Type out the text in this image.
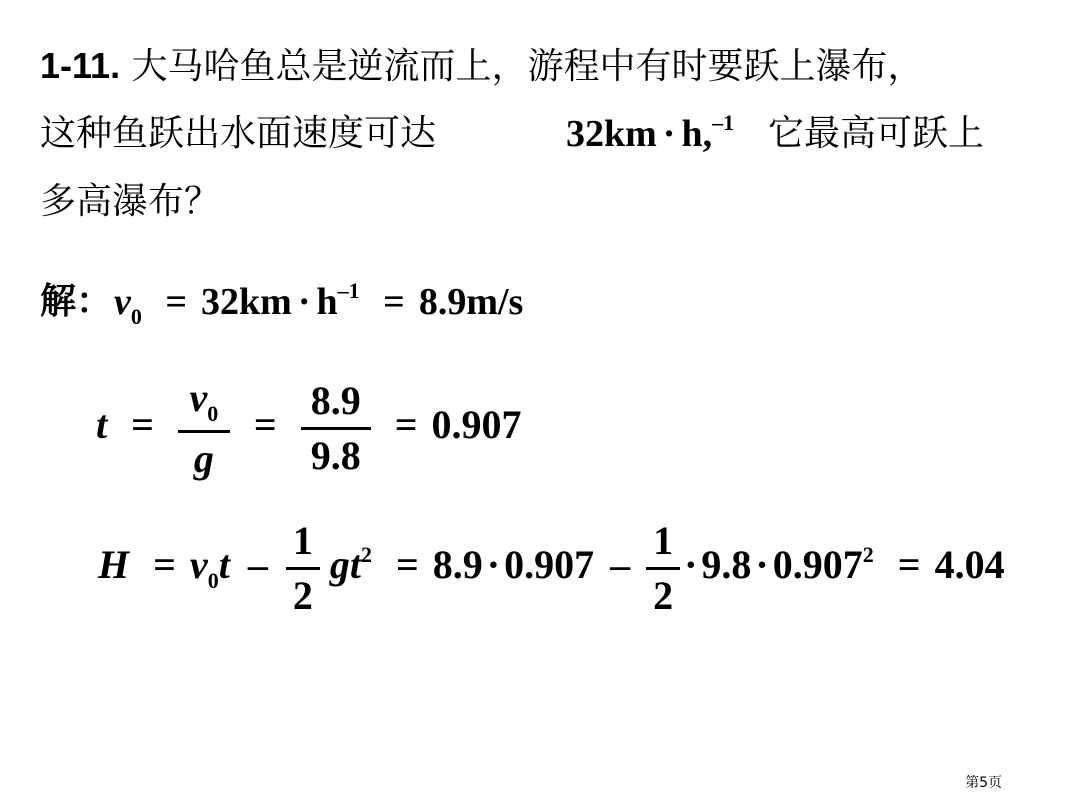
1-11. 大马哈鱼总是逆流而上，游程中有时要跃上瀑布，
这种鱼跃出水面速度可达	32km · h,$^{-1}$ 它最高可跃上
多高瀑布？
解： $v_0 = 32km \cdot h^{-1} = 8.9m/s$
$t = \frac{v_0}{g} = \frac{8.9}{9.8} = 0.907$
$H = v_0t - \frac{1}{2} gt^2 = 8.9 \cdot 0.907 - \frac{1}{2} \cdot 9.8 \cdot 0.907^2 = 4.04$
第5页
